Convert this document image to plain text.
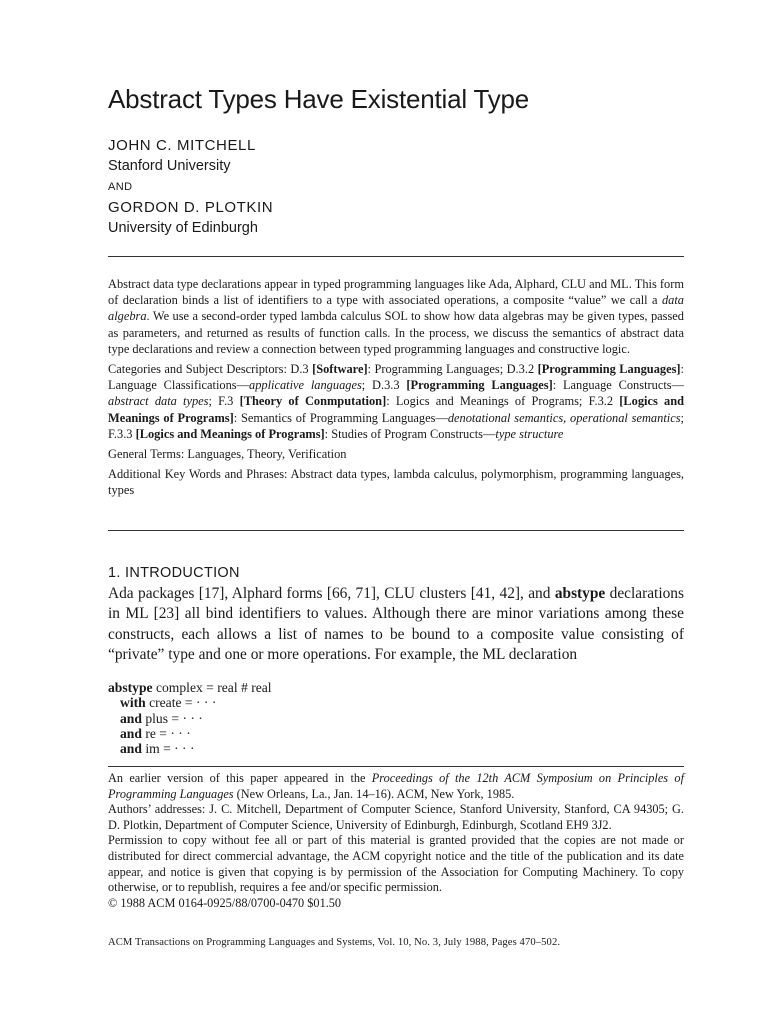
Abstract Types Have Existential Type
JOHN C. MITCHELL
Stanford University
AND
GORDON D. PLOTKIN
University of Edinburgh

Abstract data type declarations appear in typed programming languages like Ada, Alphard, CLU and ML. This form of declaration binds a list of identifiers to a type with associated operations, a composite “value” we call a data algebra. We use a second-order typed lambda calculus SOL to show how data algebras may be given types, passed as parameters, and returned as results of function calls. In the process, we discuss the semantics of abstract data type declarations and review a connection between typed programming languages and constructive logic.

Categories and Subject Descriptors: D.3 [Software]: Programming Languages; D.3.2 [Programming Languages]: Language Classifications—applicative languages; D.3.3 [Programming Languages]: Language Constructs—abstract data types; F.3 [Theory of Conmputation]: Logics and Meanings of Programs; F.3.2 [Logics and Meanings of Programs]: Semantics of Programming Languages—denotational semantics, operational semantics; F.3.3 [Logics and Meanings of Programs]: Studies of Program Constructs—type structure

General Terms: Languages, Theory, Verification

Additional Key Words and Phrases: Abstract data types, lambda calculus, polymorphism, programming languages, types

1. INTRODUCTION

Ada packages [17], Alphard forms [66, 71], CLU clusters [41, 42], and abstype declarations in ML [23] all bind identifiers to values. Although there are minor variations among these constructs, each allows a list of names to be bound to a composite value consisting of “private” type and one or more operations. For example, the ML declaration

abstype complex = real # real
with create = · · ·
and plus = · · ·
and re = · · ·
and im = · · ·

An earlier version of this paper appeared in the Proceedings of the 12th ACM Symposium on Principles of Programming Languages (New Orleans, La., Jan. 14–16). ACM, New York, 1985.

Authors’ addresses: J. C. Mitchell, Department of Computer Science, Stanford University, Stanford, CA 94305; G. D. Plotkin, Department of Computer Science, University of Edinburgh, Edinburgh, Scotland EH9 3J2.

Permission to copy without fee all or part of this material is granted provided that the copies are not made or distributed for direct commercial advantage, the ACM copyright notice and the title of the publication and its date appear, and notice is given that copying is by permission of the Association for Computing Machinery. To copy otherwise, or to republish, requires a fee and/or specific permission.

© 1988 ACM 0164-0925/88/0700-0470 $01.50

ACM Transactions on Programming Languages and Systems, Vol. 10, No. 3, July 1988, Pages 470–502.
